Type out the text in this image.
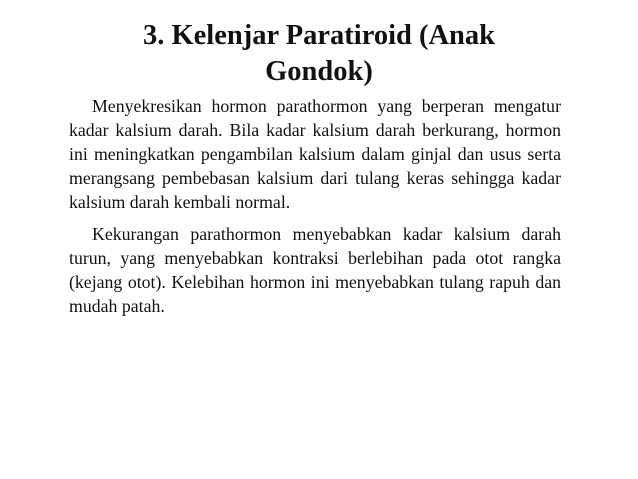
3. Kelenjar Paratiroid (Anak
Gondok)

Menyekresikan hormon parathormon yang berperan mengatur kadar kalsium darah. Bila kadar kalsium darah berkurang, hormon ini meningkatkan pengambilan kalsium dalam ginjal dan usus serta merangsang pembebasan kalsium dari tulang keras sehingga kadar kalsium darah kembali normal.

Kekurangan parathormon menyebabkan kadar kalsium darah turun, yang menyebabkan kontraksi berlebihan pada otot rangka (kejang otot). Kelebihan hormon ini menyebabkan tulang rapuh dan mudah patah.
